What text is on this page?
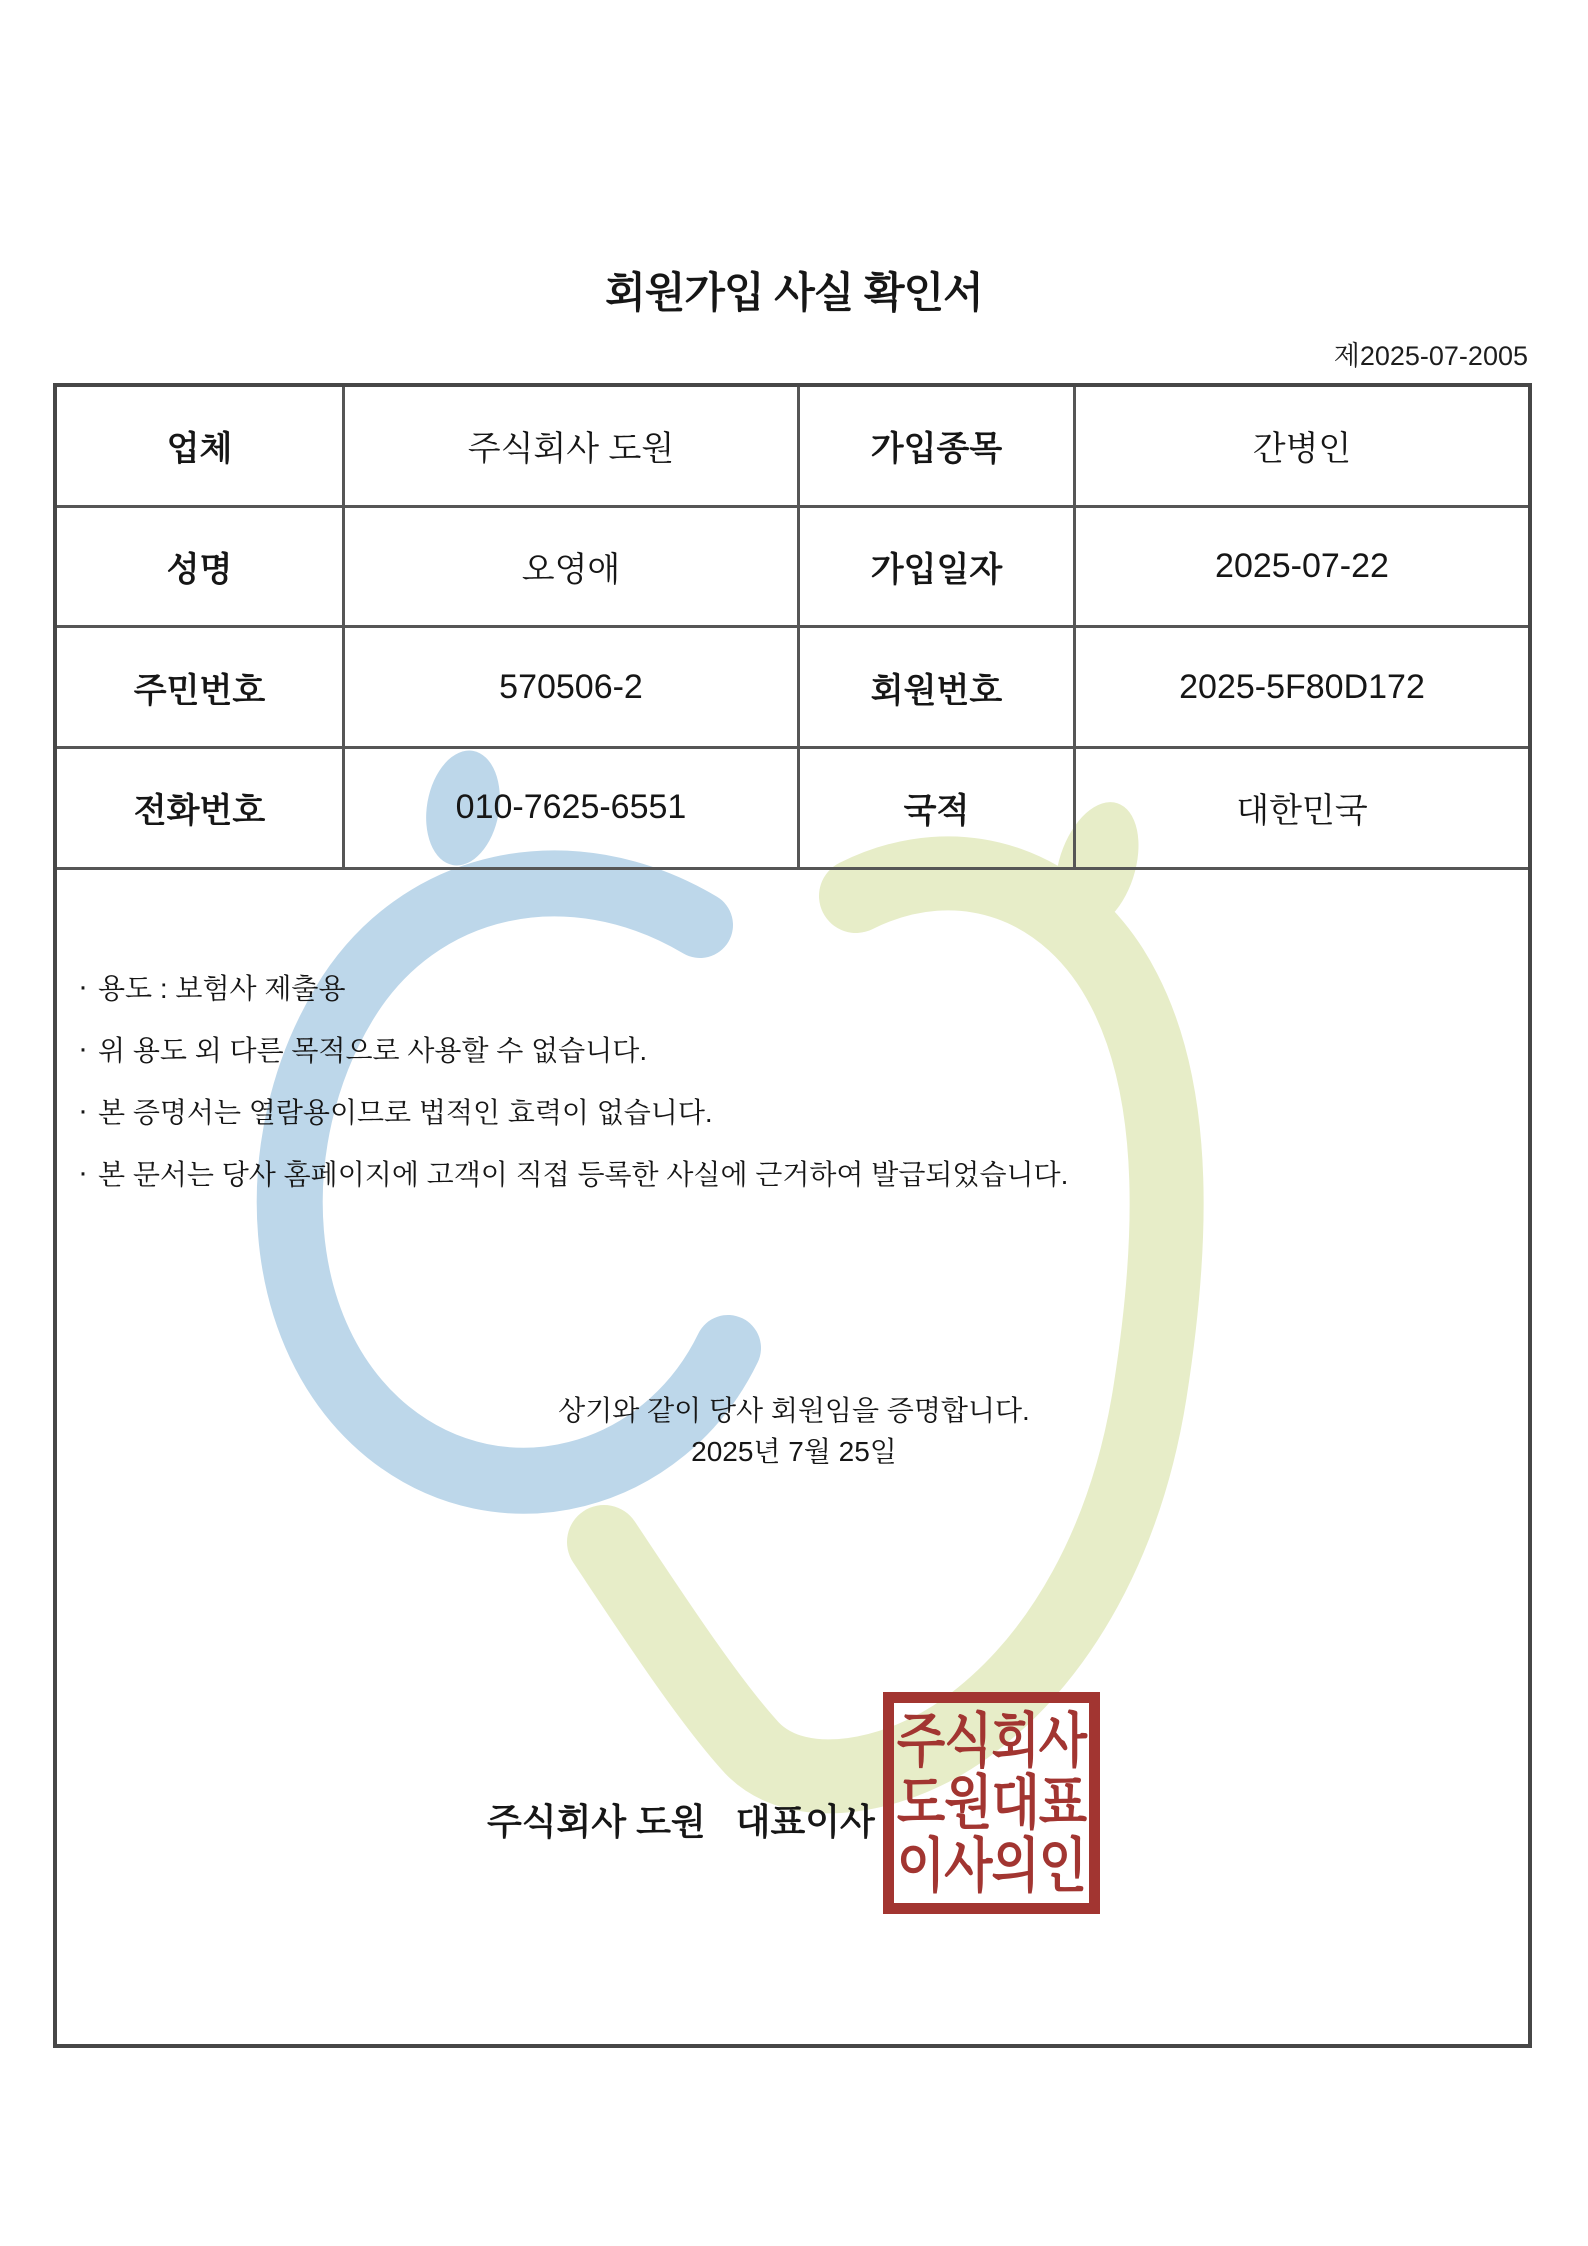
회원가입 사실 확인서
제2025-07-2005
업체	주식회사 도원	가입종목	간병인
성명	오영애	가입일자	2025-07-22
주민번호	570506-2	회원번호	2025-5F80D172
전화번호	010-7625-6551	국적	대한민국
· 용도 : 보험사 제출용
· 위 용도 외 다른 목적으로 사용할 수 없습니다.
· 본 증명서는 열람용이므로 법적인 효력이 없습니다.
· 본 문서는 당사 홈페이지에 고객이 직접 등록한 사실에 근거하여 발급되었습니다.
상기와 같이 당사 회원임을 증명합니다.
2025년 7월 25일
주식회사 도원 대표이사
주식회사
도원대표
이사의인
